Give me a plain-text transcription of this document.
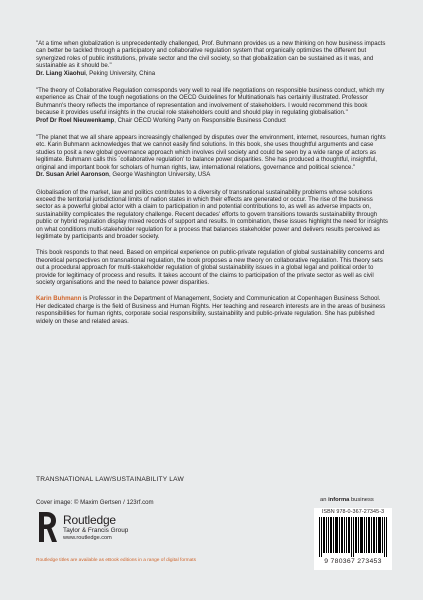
"At a time when globalization is unprecedentedly challenged, Prof. Buhmann provides us a new thinking on how business impacts can better be tackled through a participatory and collaborative regulation system that organically optimizes the different but synergized roles of public institutions, private sector and the civil society, so that globalization can be sustained as it was, and sustainable as it should be."
Dr. Liang Xiaohui, Peking University, China
"The theory of Collaborative Regulation corresponds very well to real life negotiations on responsible business conduct, which my experience as Chair of the tough negotiations on the OECD Guidelines for Multinationals has certainly illustrated. Professor Buhmann's theory reflects the importance of representation and involvement of stakeholders. I would recommend this book because it provides useful insights in the crucial role stakeholders could and should play in regulating globalisation."
Prof Dr Roel Nieuwenkamp, Chair OECD Working Party on Responsible Business Conduct
"The planet that we all share appears increasingly challenged by disputes over the environment, internet, resources, human rights etc. Karin Buhmann acknowledges that we cannot easily find solutions. In this book, she uses thoughtful arguments and case studies to posit a new global governance approach which involves civil society and could be seen by a wide range of actors as legitimate. Buhmann calls this `collaborative regulation' to balance power disparities. She has produced a thoughtful, insightful, original and important book for scholars of human rights, law, international relations, governance and political science."
Dr. Susan Ariel Aaronson, George Washington University, USA

Globalisation of the market, law and politics contributes to a diversity of transnational sustainability problems whose solutions exceed the territorial jurisdictional limits of nation states in which their effects are generated or occur. The rise of the business sector as a powerful global actor with a claim to participation in and potential contributions to, as well as adverse impacts on, sustainability complicates the regulatory challenge. Recent decades' efforts to govern transitions towards sustainability through public or hybrid regulation display mixed records of support and results. In combination, these issues highlight the need for insights on what conditions multi-stakeholder regulation for a process that balances stakeholder power and delivers results perceived as legitimate by participants and broader society.

This book responds to that need. Based on empirical experience on public-private regulation of global sustainability concerns and theoretical perspectives on transnational regulation, the book proposes a new theory on collaborative regulation. This theory sets out a procedural approach for multi-stakeholder regulation of global sustainability issues in a global legal and political order to provide for legitimacy of process and results. It takes account of the claims to participation of the private sector as well as civil society organisations and the need to balance power disparities.

Karin Buhmann is Professor in the Department of Management, Society and Communication at Copenhagen Business School. Her dedicated charge is the field of Business and Human Rights. Her teaching and research interests are in the areas of business responsibilities for human rights, corporate social responsibility, sustainability and public-private regulation. She has published widely on these and related areas.

TRANSNATIONAL LAW/SUSTAINABILITY LAW
Cover image: © Maxim Gertsen / 123rf.com	an informa business
Routledge
Taylor & Francis Group
www.routledge.com
Routledge titles are available as eBook editions in a range of digital formats
ISBN 978-0-367-27345-3
9 780367 273453
